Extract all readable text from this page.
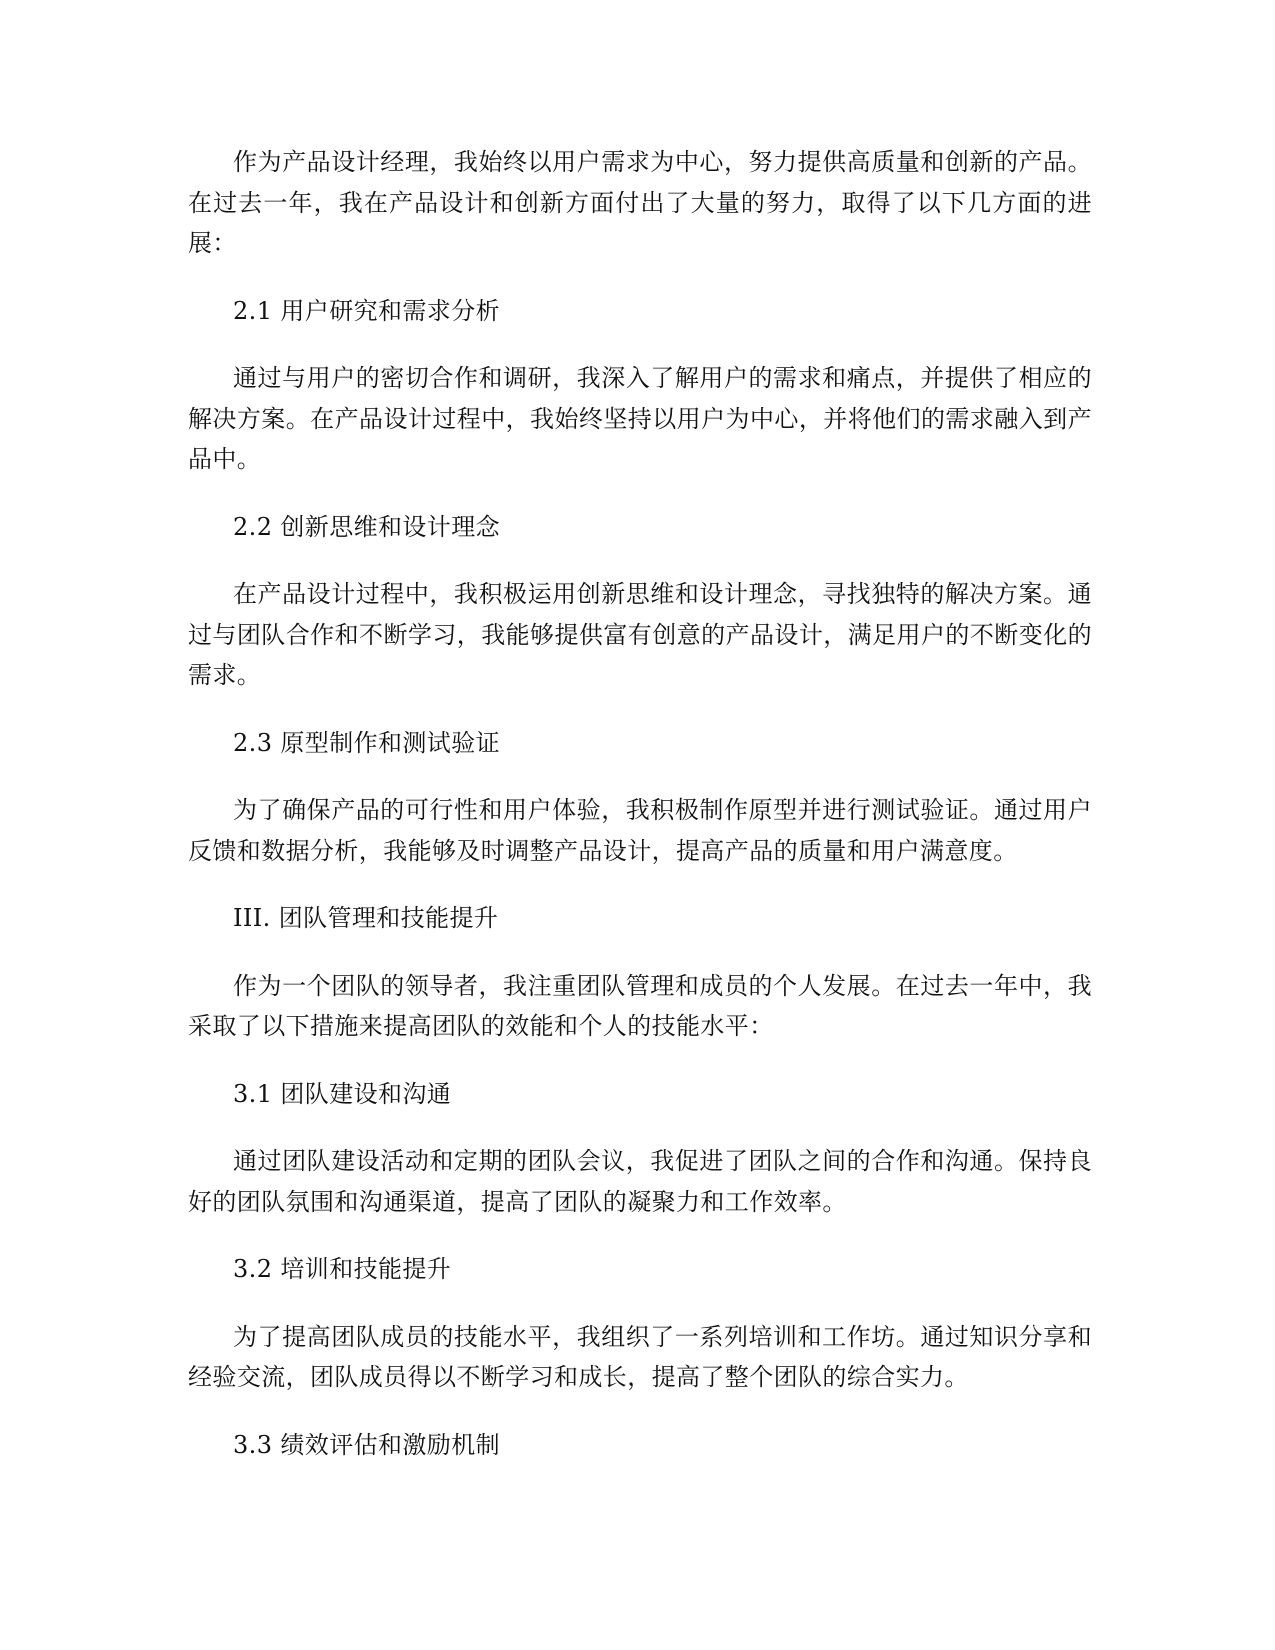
作为产品设计经理，我始终以用户需求为中心，努力提供高质量和创新的产品。在过去一年，我在产品设计和创新方面付出了大量的努力，取得了以下几方面的进展：

2.1 用户研究和需求分析

通过与用户的密切合作和调研，我深入了解用户的需求和痛点，并提供了相应的解决方案。在产品设计过程中，我始终坚持以用户为中心，并将他们的需求融入到产品中。

2.2 创新思维和设计理念

在产品设计过程中，我积极运用创新思维和设计理念，寻找独特的解决方案。通过与团队合作和不断学习，我能够提供富有创意的产品设计，满足用户的不断变化的需求。

2.3 原型制作和测试验证

为了确保产品的可行性和用户体验，我积极制作原型并进行测试验证。通过用户反馈和数据分析，我能够及时调整产品设计，提高产品的质量和用户满意度。

III. 团队管理和技能提升

作为一个团队的领导者，我注重团队管理和成员的个人发展。在过去一年中，我采取了以下措施来提高团队的效能和个人的技能水平：

3.1 团队建设和沟通

通过团队建设活动和定期的团队会议，我促进了团队之间的合作和沟通。保持良好的团队氛围和沟通渠道，提高了团队的凝聚力和工作效率。

3.2 培训和技能提升

为了提高团队成员的技能水平，我组织了一系列培训和工作坊。通过知识分享和经验交流，团队成员得以不断学习和成长，提高了整个团队的综合实力。

3.3 绩效评估和激励机制
